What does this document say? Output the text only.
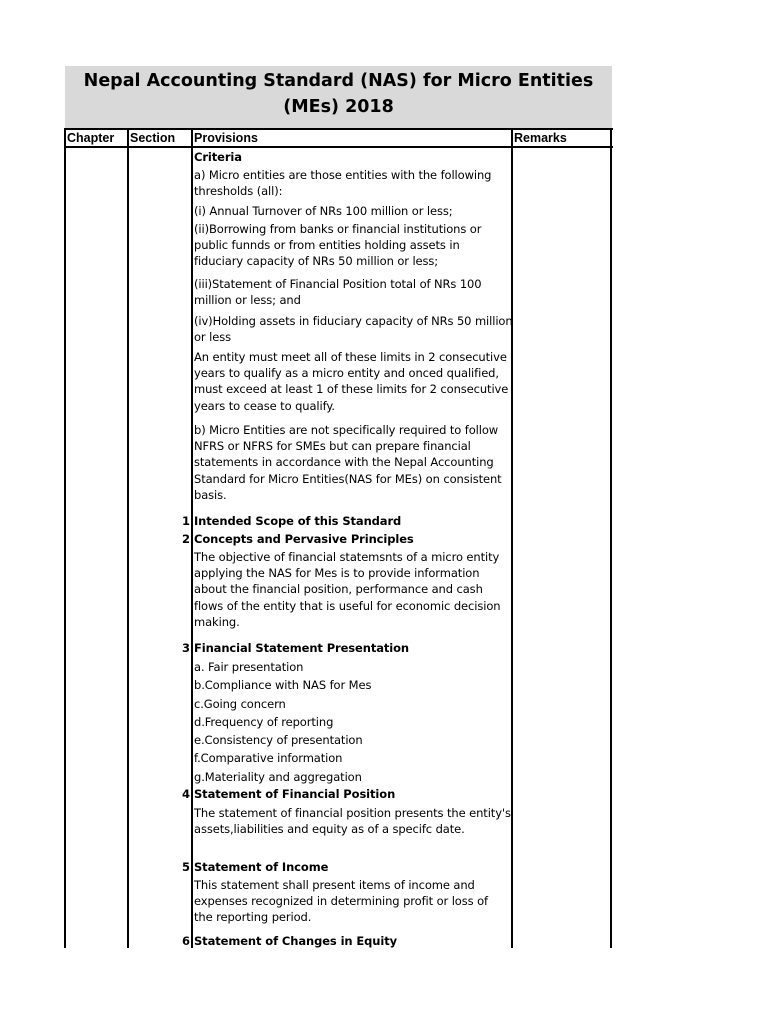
Nepal Accounting Standard (NAS) for Micro Entities
(MEs) 2018
Chapter Section Provisions	Remarks
Criteria
a) Micro entities are those entities with the following
thresholds (all):
(i) Annual Turnover of NRs 100 million or less;
(ii)Borrowing from banks or financial institutions or
public funnds or from entities holding assets in
fiduciary capacity of NRs 50 million or less;
(iii)Statement of Financial Position total of NRs 100
million or less; and
(iv)Holding assets in fiduciary capacity of NRs 50 million
or less
An entity must meet all of these limits in 2 consecutive
years to qualify as a micro entity and onced qualified,
must exceed at least 1 of these limits for 2 consecutive
years to cease to qualify.
b) Micro Entities are not specifically required to follow
NFRS or NFRS for SMEs but can prepare financial
statements in accordance with the Nepal Accounting
Standard for Micro Entities(NAS for MEs) on consistent
basis.
1 Intended Scope of this Standard
2 Concepts and Pervasive Principles
The objective of financial statemsnts of a micro entity
applying the NAS for Mes is to provide information
about the financial position, performance and cash
flows of the entity that is useful for economic decision
making.
3 Financial Statement Presentation
a. Fair presentation
b.Compliance with NAS for Mes
c.Going concern
d.Frequency of reporting
e.Consistency of presentation
f.Comparative information
g.Materiality and aggregation
4 Statement of Financial Position
The statement of financial position presents the entity's
assets,liabilities and equity as of a specifc date.
5 Statement of Income
This statement shall present items of income and
expenses recognized in determining profit or loss of
the reporting period.
6 Statement of Changes in Equity
